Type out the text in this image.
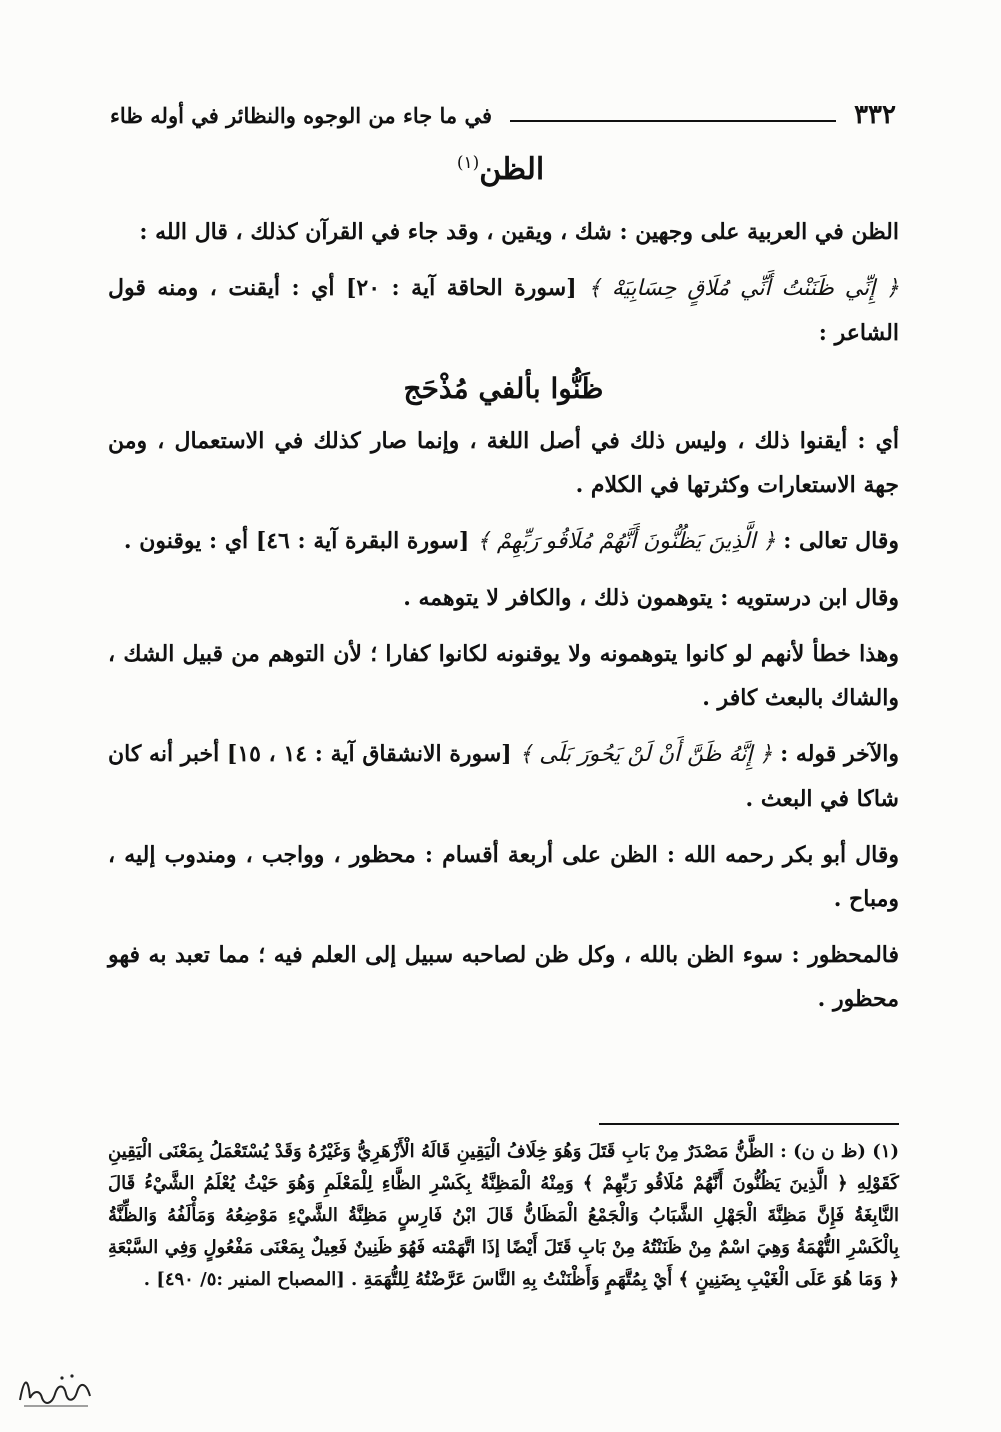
٣٣٢
في ما جاء من الوجوه والنظائر في أوله ظاء
الظن$^{(١)}$

الظن في العربية على وجهين : شك ، ويقين ، وقد جاء في القرآن كذلك ، قال الله :

﴿ إِنِّي ظَنَنْتُ أَنِّي مُلَاقٍ حِسَابِيَهْ ﴾ [سورة الحاقة آية : ٢٠] أي : أيقنت ، ومنه قول الشاعر :

ظَنُّوا بألفي مُذْحَج

أي : أيقنوا ذلك ، وليس ذلك في أصل اللغة ، وإنما صار كذلك في الاستعمال ، ومن جهة الاستعارات وكثرتها في الكلام .

وقال تعالى : ﴿ الَّذِينَ يَظُنُّونَ أَنَّهُمْ مُلَاقُو رَبِّهِمْ ﴾ [سورة البقرة آية : ٤٦] أي : يوقنون .

وقال ابن درستويه : يتوهمون ذلك ، والكافر لا يتوهمه .

وهذا خطأ لأنهم لو كانوا يتوهمونه ولا يوقنونه لكانوا كفارا ؛ لأن التوهم من قبيل الشك ، والشاك بالبعث كافر .

والآخر قوله : ﴿ إِنَّهُ ظَنَّ أَنْ لَنْ يَحُورَ بَلَى ﴾ [سورة الانشقاق آية : ١٤ ، ١٥] أخبر أنه كان شاكا في البعث .

وقال أبو بكر رحمه الله : الظن على أربعة أقسام : محظور ، وواجب ، ومندوب إليه ، ومباح .

فالمحظور : سوء الظن بالله ، وكل ظن لصاحبه سبيل إلى العلم فيه ؛ مما تعبد به فهو محظور .

(١) (ظ ن ن) : الظَّنُّ مَصْدَرٌ مِنْ بَابِ قَتَلَ وَهُوَ خِلَافُ الْيَقِينِ قَالَهُ الْأَزْهَرِيُّ وَغَيْرُهُ وَقَدْ يُسْتَعْمَلُ بِمَعْنَى الْيَقِينِ كَقَوْلِهِ ﴿ الَّذِينَ يَظُنُّونَ أَنَّهُمْ مُلَاقُو رَبِّهِمْ ﴾ وَمِنْهُ الْمَظِنَّةُ بِكَسْرِ الظَّاءِ لِلْمَعْلَمِ وَهُوَ حَيْثُ يُعْلَمُ الشَّيْءُ قَالَ النَّابِغَةُ فَإِنَّ مَظِنَّةَ الْجَهْلِ الشَّبَابُ وَالْجَمْعُ الْمَظَانُّ قَالَ ابْنُ فَارِسٍ مَظِنَّةُ الشَّيْءِ مَوْضِعُهُ وَمَأْلَفُهُ وَالظِّنَّةُ بِالْكَسْرِ التُّهْمَةُ وَهِيَ اسْمٌ مِنْ ظَنَنْتُهُ مِنْ بَابِ قَتَلَ أَيْضًا إذَا اتَّهَمْته فَهُوَ ظَنِينٌ فَعِيلٌ بِمَعْنَى مَفْعُولٍ وَفِي السَّبْعَةِ ﴿ وَمَا هُوَ عَلَى الْغَيْبِ بِضَنِينٍ ﴾ أَيْ بِمُتَّهَمٍ وَأَظْنَنْتُ بِهِ النَّاسَ عَرَّضْتُهُ لِلتُّهَمَةِ . [المصباح المنير :٥/ ٤٩٠] .
